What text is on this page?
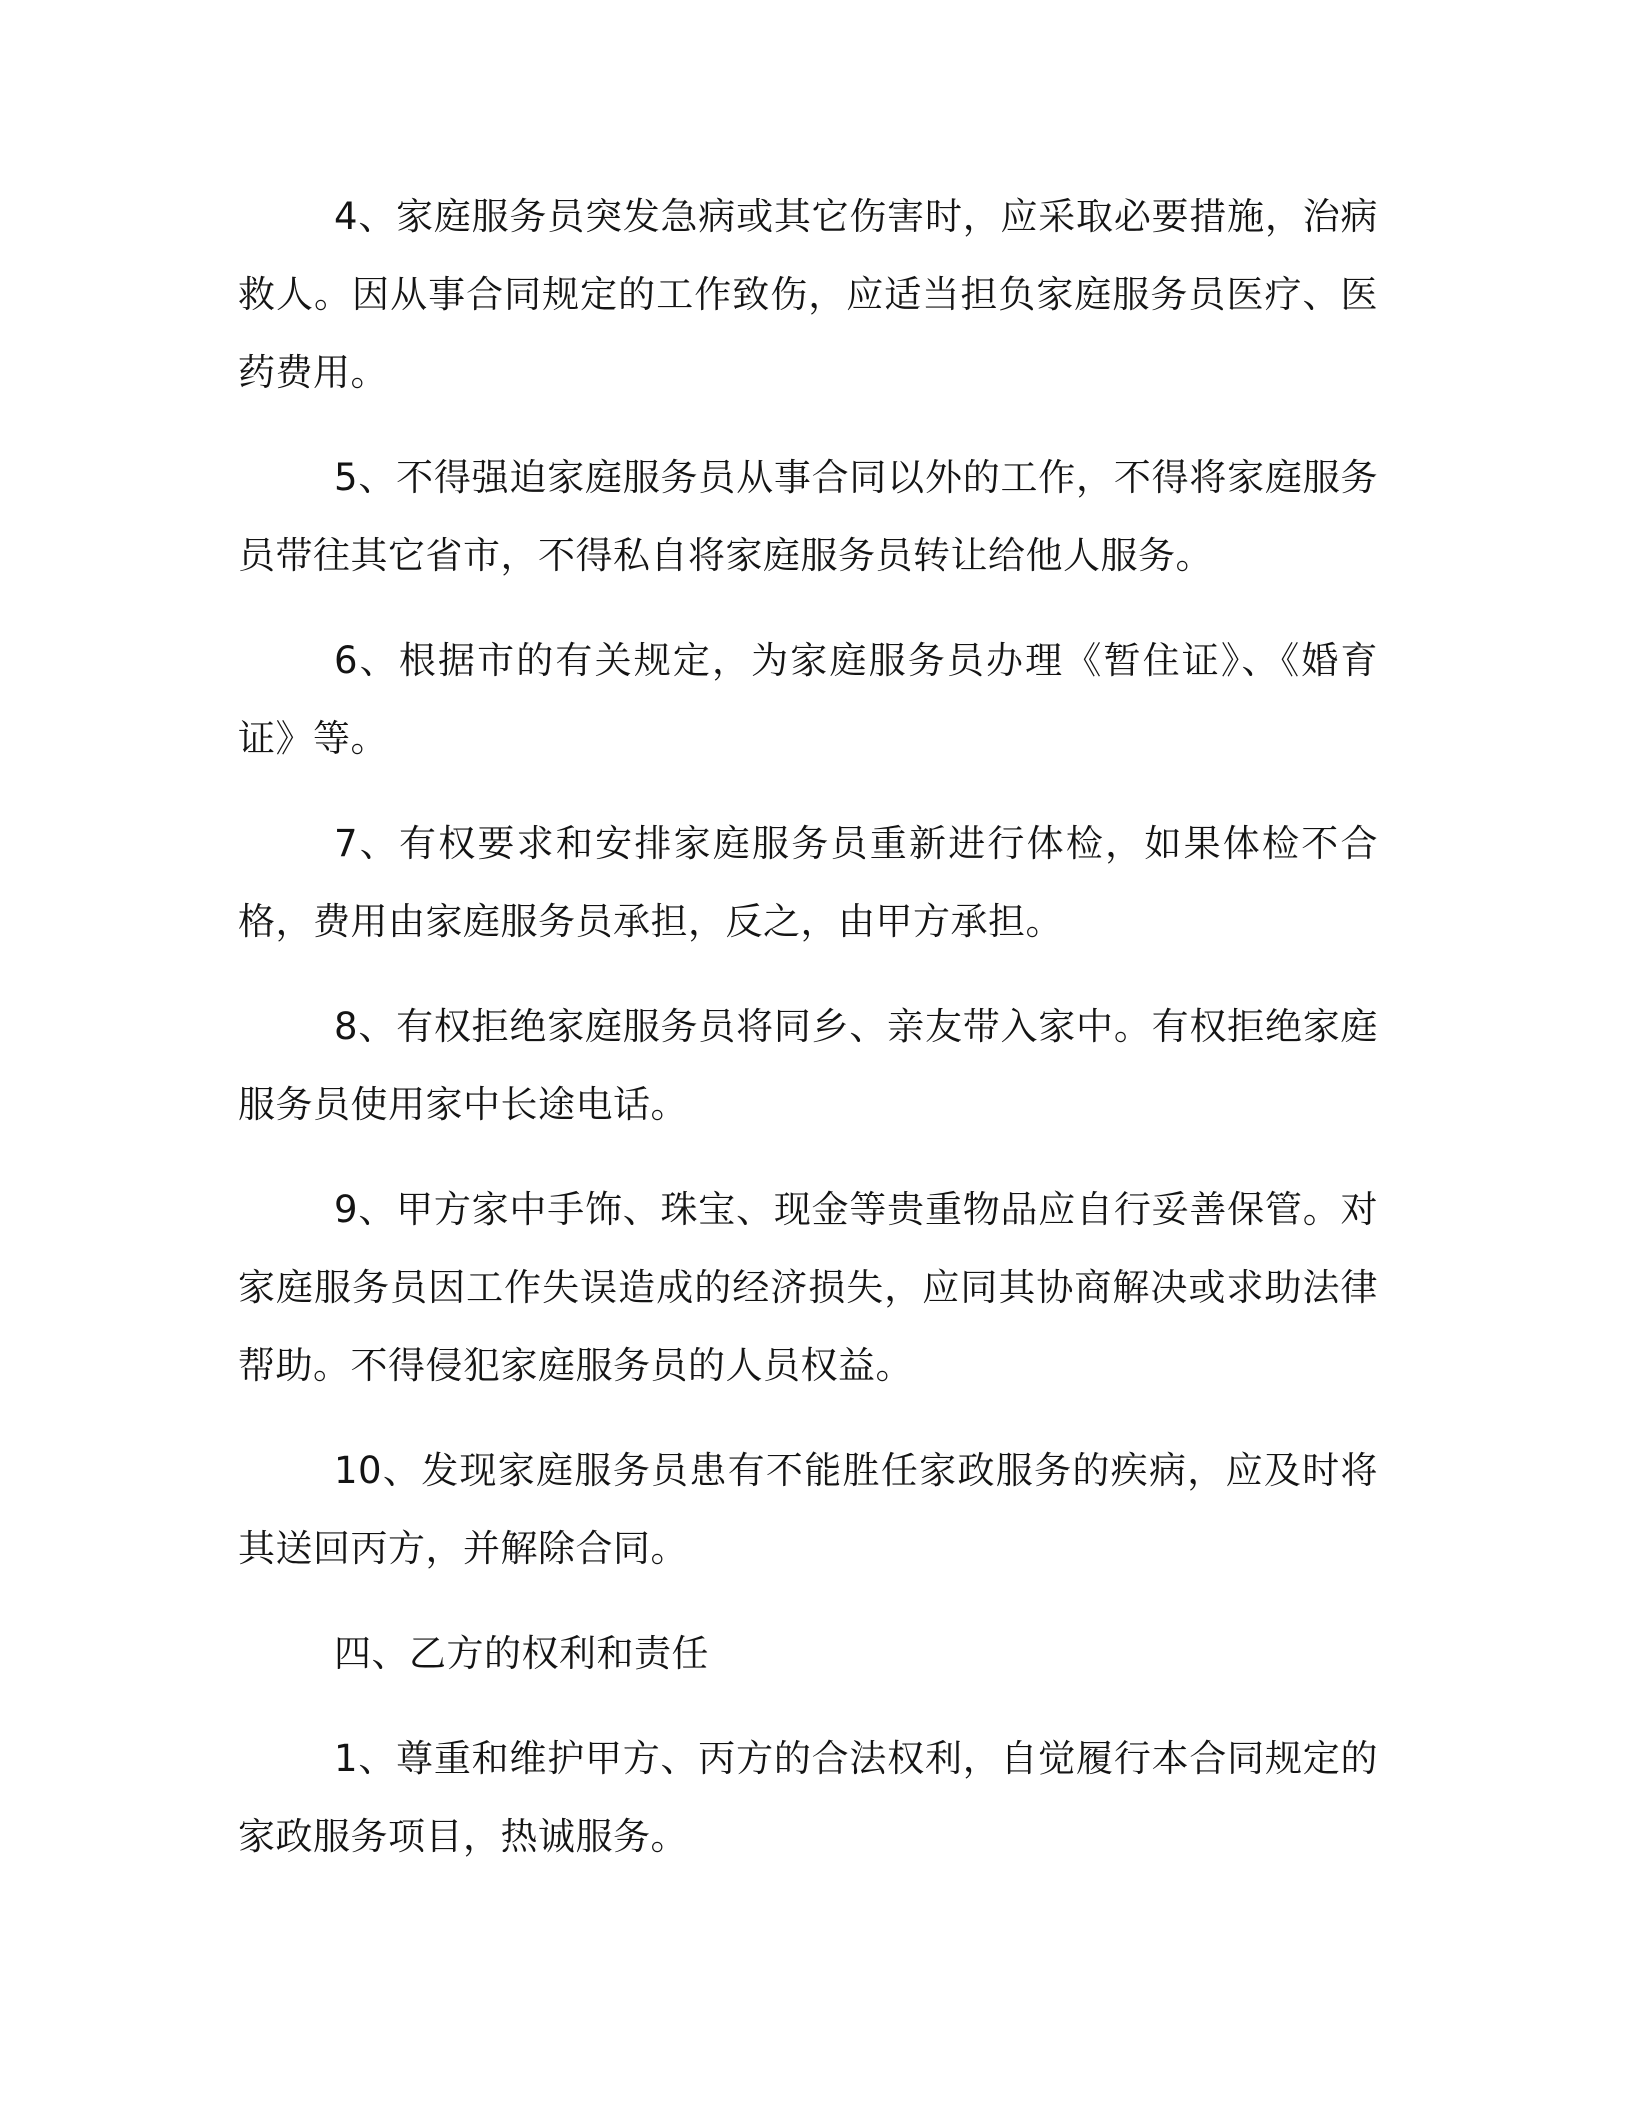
4、家庭服务员突发急病或其它伤害时，应采取必要措施，治病救人。因从事合同规定的工作致伤，应适当担负家庭服务员医疗、医药费用。

5、不得强迫家庭服务员从事合同以外的工作，不得将家庭服务员带往其它省市，不得私自将家庭服务员转让给他人服务。

6、根据市的有关规定，为家庭服务员办理《暂住证》、《婚育证》等。

7、有权要求和安排家庭服务员重新进行体检，如果体检不合格，费用由家庭服务员承担，反之，由甲方承担。

8、有权拒绝家庭服务员将同乡、亲友带入家中。有权拒绝家庭服务员使用家中长途电话。

9、甲方家中手饰、珠宝、现金等贵重物品应自行妥善保管。对家庭服务员因工作失误造成的经济损失，应同其协商解决或求助法律帮助。不得侵犯家庭服务员的人员权益。

10、发现家庭服务员患有不能胜任家政服务的疾病，应及时将其送回丙方，并解除合同。

四、乙方的权利和责任

1、尊重和维护甲方、丙方的合法权利，自觉履行本合同规定的家政服务项目，热诚服务。
